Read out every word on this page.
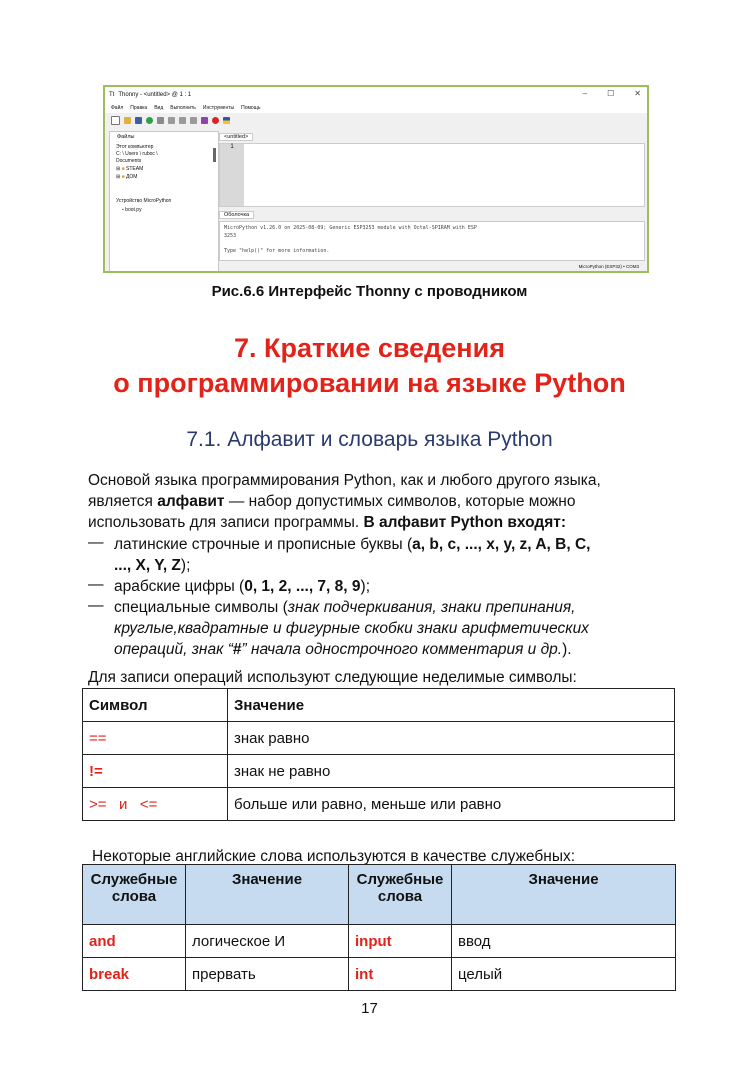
Tt Thonny - <untitled> @ 1 : 1	–	☐	✕
Файл Правка Вид Выполнить Инструменты Помощь
Файлы
Этот компьютер
C: \ Users \ ruboc \
Documents
⊞ ■ STEAM
⊞ ■ ДОМ
Устройство MicroPython
▪ boot.py
<untitled>
1
Оболочка
MicroPython v1.26.0 on 2025-08-09; Generic ESP3253 module with Octal-SPIRAM with ESP
3253
Type "help()" for more information.
MicroPython (ESP32) • COM3
Рис.6.6 Интерфейс Thonny с проводником
7. Краткие сведения
о программировании на языке Python
7.1. Алфавит и словарь языка Python
Основой языка программирования Python, как и любого другого языка,
является алфавит — набор допустимых символов, которые можно
использовать для записи программы. В алфавит Python входят:
— латинские строчные и прописные буквы (a, b, c, ..., x, y, z, A, B, C,
..., X, Y, Z);
— арабские цифры (0, 1, 2, ..., 7, 8, 9);
— специальные символы (знак подчеркивания, знаки препинания,
круглые,квадратные и фигурные скобки знаки арифметических
операций, знак “#” начала однострочного комментария и др.).
Для записи операций используют следующие неделимые символы:
Символ	Значение
==	знак равно
!=	знак не равно
>=   и   <=	больше или равно, меньше или равно
Некоторые английские слова используются в качестве служебных:
Служебные слова	Значение	Служебные слова	Значение
and	логическое И	input	ввод
break	прервать	int	целый
17
